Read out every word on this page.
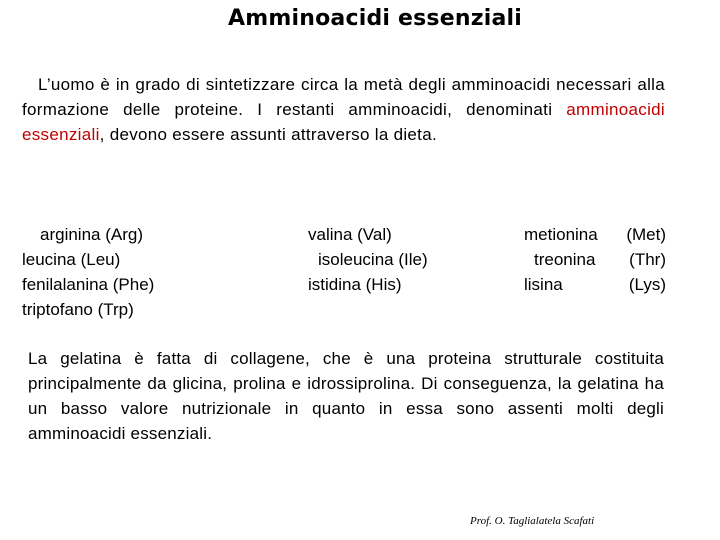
Amminoacidi essenziali
L’uomo è in grado di sintetizzare circa la metà degli amminoacidi necessari alla formazione delle proteine. I restanti amminoacidi, denominati amminoacidi essenziali, devono essere assunti attraverso la dieta.
arginina (Arg)
leucina (Leu)
fenilalanina (Phe)
triptofano (Trp)
valina (Val)
isoleucina (Ile)
istidina (His)
metionina (Met)
treonina (Thr)
lisina	(Lys)
La gelatina è fatta di collagene, che è una proteina strutturale costituita principalmente da glicina, prolina e idrossiprolina. Di conseguenza, la gelatina ha un basso valore nutrizionale in quanto in essa sono assenti molti degli amminoacidi essenziali.
Prof. O. Taglialatela Scafati
